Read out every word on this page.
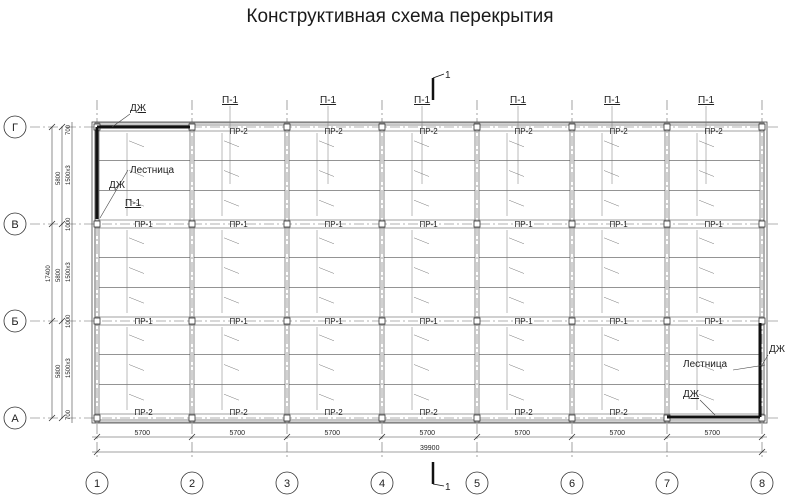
Конструктивная схема перекрытия
1
1
П-1	П-1	П-1	П-1	П-1	П-1
П-1
ПР-1
ПР-1
ПР-2
ПР-2
ПР-1
ПР-1
ПР-2
ПР-2
ПР-1
ПР-1
ПР-2
ПР-2
ПР-1
ПР-1
ПР-2
ПР-2
ПР-1
ПР-1
ПР-2
ПР-2
ПР-1
ПР-1
ПР-2
ПР-2
ПР-1
ПР-1
Лестница
ДЖ
ДЖ
Лестница
ДЖ
ДЖ
5700	5700	5700	5700	5700	5700	5700
39900
17400
5800
5800
5800
1500x3
1500x3
1500x3
700
1000
1000
700
1	2	3	4	5	6	7	8
Г
В
Б
А
